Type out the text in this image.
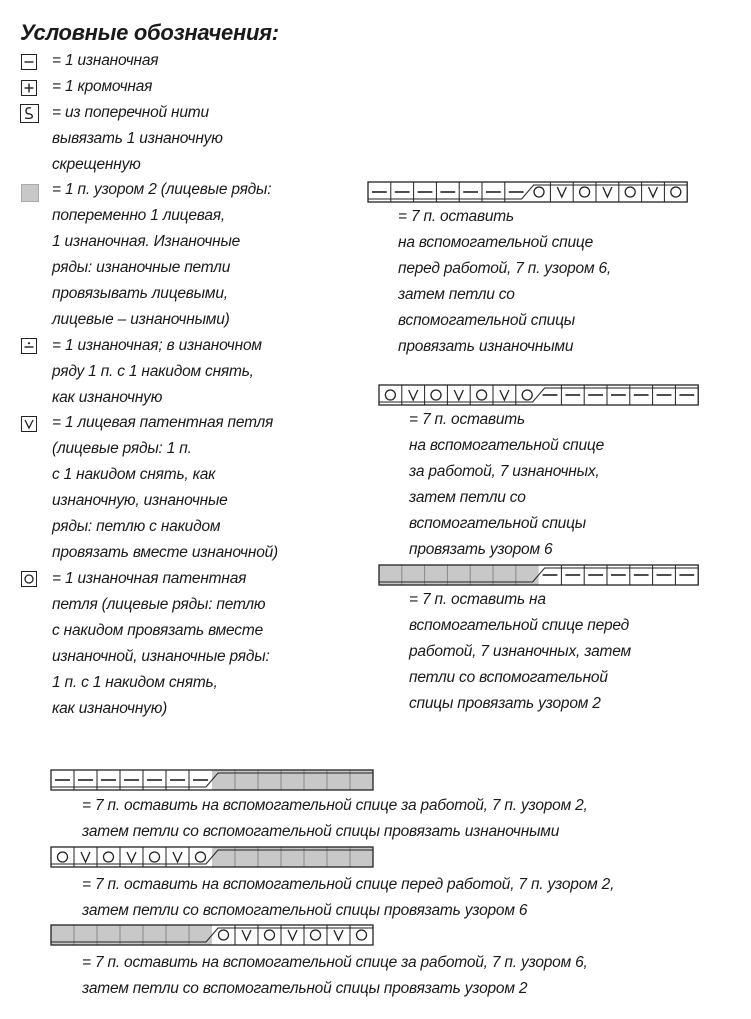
Условные обозначения:
= 1 изнаночная
= 1 кромочная
= из поперечной нити
вывязать 1 изнаночную
скрещенную
= 1 п. узором 2 (лицевые ряды:
попеременно 1 лицевая,
1 изнаночная. Изнаночные
ряды: изнаночные петли
провязывать лицевыми,
лицевые – изнаночными)
= 1 изнаночная; в изнаночном
ряду 1 п. с 1 накидом снять,
как изнаночную
= 1 лицевая патентная петля
(лицевые ряды: 1 п.
с 1 накидом снять, как
изнаночную, изнаночные
ряды: петлю с накидом
провязать вместе изнаночной)
= 1 изнаночная патентная
петля (лицевые ряды: петлю
с накидом провязать вместе
изнаночной, изнаночные ряды:
1 п. с 1 накидом снять,
как изнаночную)
= 7 п. оставить
на вспомогательной спице
перед работой, 7 п. узором 6,
затем петли со
вспомогательной спицы
провязать изнаночными
= 7 п. оставить
на вспомогательной спице
за работой, 7 изнаночных,
затем петли со
вспомогательной спицы
провязать узором 6
= 7 п. оставить на
вспомогательной спице перед
работой, 7 изнаночных, затем
петли со вспомогательной
спицы провязать узором 2
= 7 п. оставить на вспомогательной спице за работой, 7 п. узором 2,
затем петли со вспомогательной спицы провязать изнаночными
= 7 п. оставить на вспомогательной спице перед работой, 7 п. узором 2,
затем петли со вспомогательной спицы провязать узором 6
= 7 п. оставить на вспомогательной спице за работой, 7 п. узором 6,
затем петли со вспомогательной спицы провязать узором 2
